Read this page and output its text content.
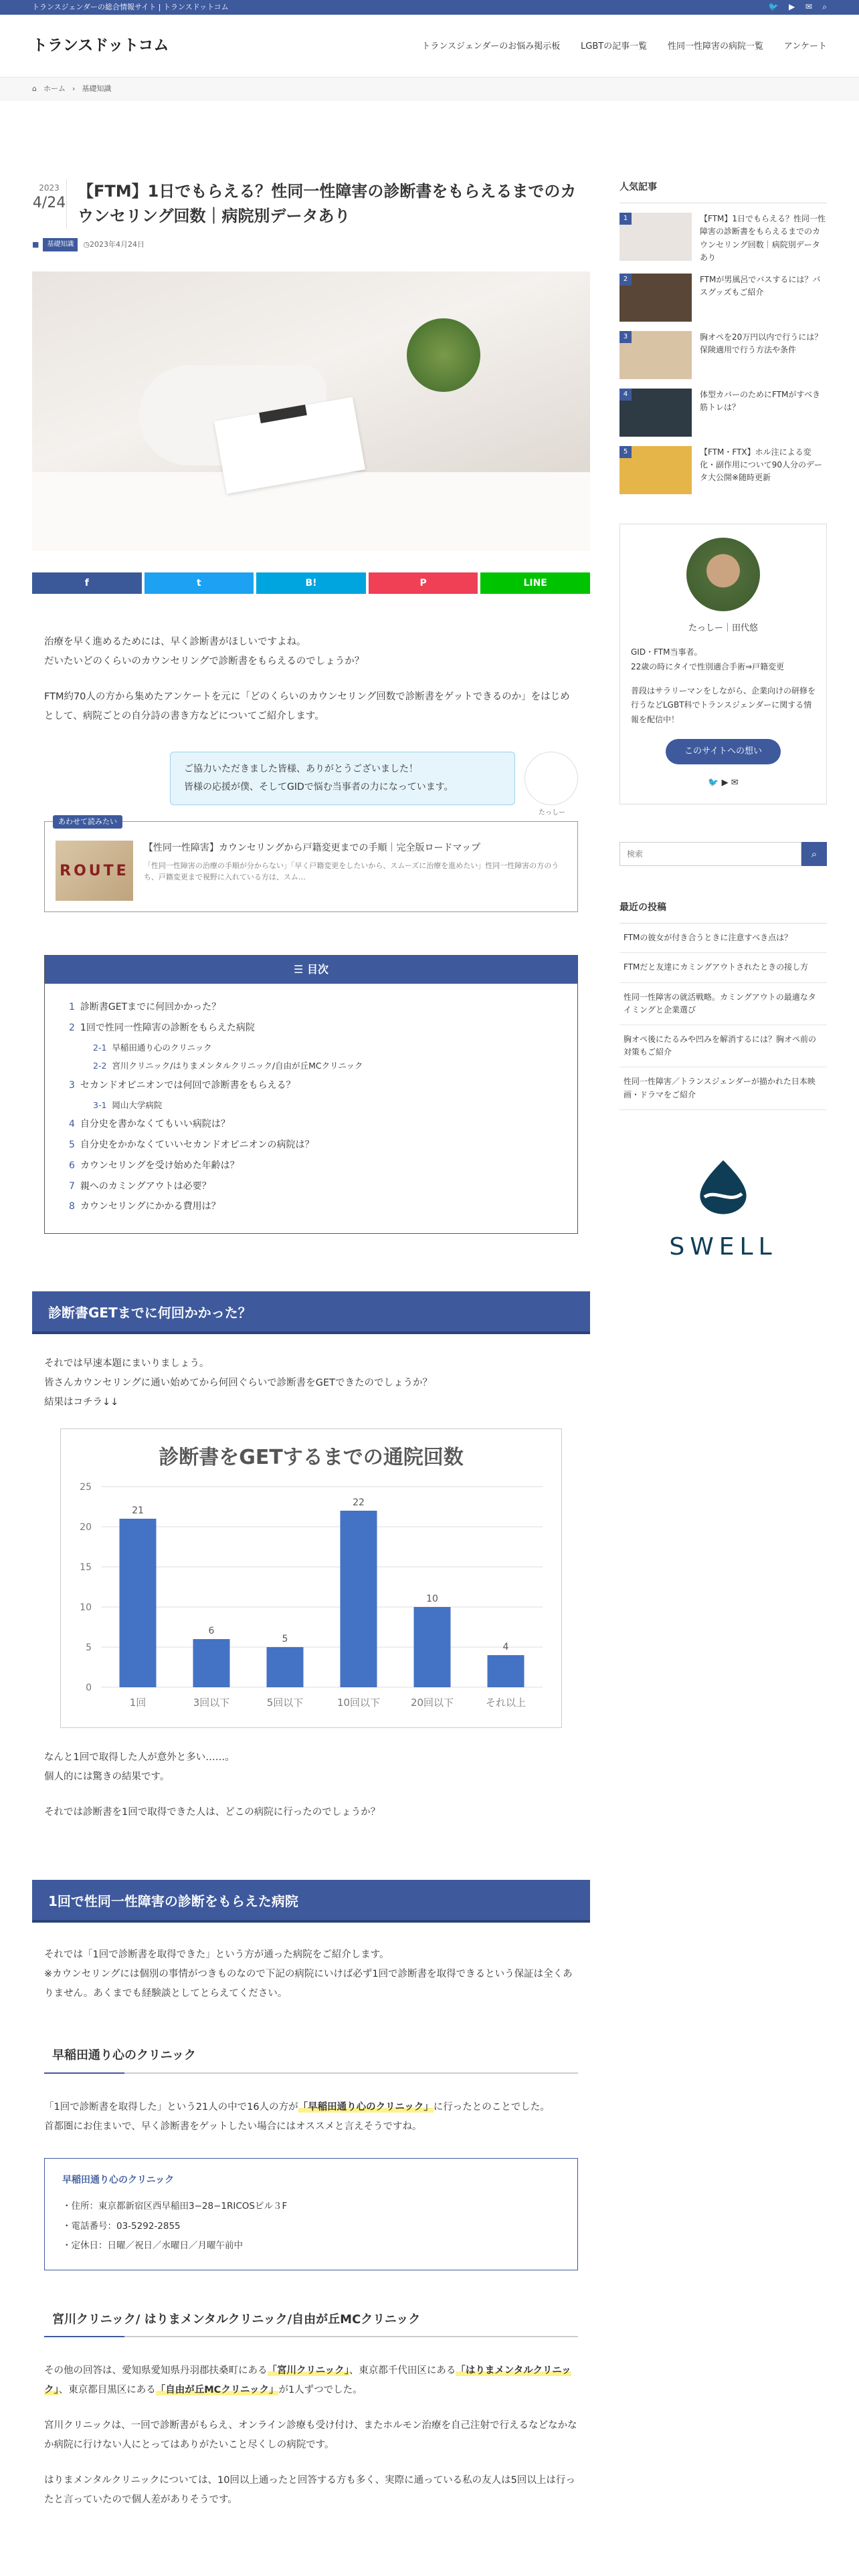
トランスジェンダーの総合情報サイト | トランスドットコム	🐦 ▶ ✉ ⌕
トランスドットコム	トランスジェンダーのお悩み掲示板 LGBTの記事一覧 性同一性障害の病院一覧 アンケート
⌂ ホーム › 基礎知識
2023
4/24
【FTM】1日でもらえる？性同一性障害の診断書をもらえるまでのカウンセリング回数｜病院別データあり
■	基礎知識	◷ 2023年4月24日
f	t	B!	P	LINE

治療を早く進めるためには、早く診断書がほしいですよね。

だいたいどのくらいのカウンセリングで診断書をもらえるのでしょうか？

FTM約70人の方から集めたアンケートを元に「どのくらいのカウンセリング回数で診断書をゲットできるのか」をはじめとして、病院ごとの自分詩の書き方などについてご紹介します。

ご協力いただきました皆様、ありがとうございました！
皆様の応援が僕、そしてGIDで悩む当事者の力になっています。
たっしー
あわせて読みたい
ROUTE
【性同一性障害】カウンセリングから戸籍変更までの手順｜完全版ロードマップ
「性同一性障害の治療の手順が分からない」「早く戸籍変更をしたいから、スムーズに治療を進めたい」性同一性障害の方のうち、戸籍変更まで視野に入れている方は、スム…
☰ 目次
1 診断書GETまでに何回かかった？
2 1回で性同一性障害の診断をもらえた病院
2-1 早稲田通り心のクリニック
2-2 宮川クリニック/はりまメンタルクリニック/自由が丘MCクリニック
3 セカンドオピニオンでは何回で診断書をもらえる？
3-1 岡山大学病院
4 自分史を書かなくてもいい病院は？
5 自分史をかかなくていいセカンドオピニオンの病院は？
6 カウンセリングを受け始めた年齢は？
7 親へのカミングアウトは必要？
8 カウンセリングにかかる費用は？
診断書GETまでに何回かかった？

それでは早速本題にまいりましょう。

皆さんカウンセリングに通い始めてから何回ぐらいで診断書をGETできたのでしょうか？

結果はコチラ↓↓

診断書をGETするまでの通院回数
0
5
10
15
20
25
21
1回
6
3回以下
5
5回以下
22
10回以下
10
20回以下
4
それ以上

なんと1回で取得した人が意外と多い……。

個人的には驚きの結果です。

それでは診断書を1回で取得できた人は、どこの病院に行ったのでしょうか？

1回で性同一性障害の診断をもらえた病院

それでは「1回で診断書を取得できた」という方が通った病院をご紹介します。

※カウンセリングには個別の事情がつきものなので下記の病院にいけば必ず1回で診断書を取得できるという保証は全くありません。あくまでも経験談としてとらえてください。

早稲田通り心のクリニック

「1回で診断書を取得した」という21人の中で16人の方が「早稲田通り心のクリニック」に行ったとのことでした。

首都圏にお住まいで、早く診断書をゲットしたい場合にはオススメと言えそうですね。

早稲田通り心のクリニック
・住所：東京都新宿区西早稲田3−28−1RICOSビル３F
・電話番号：03-5292-2855
・定休日：日曜／祝日／水曜日／月曜午前中
宮川クリニック/ はりまメンタルクリニック/自由が丘MCクリニック

その他の回答は、愛知県愛知県丹羽郡扶桑町にある「宮川クリニック」、東京都千代田区にある「はりまメンタルクリニック」、東京都目黒区にある「自由が丘MCクリニック」が1人ずつでした。

宮川クリニックは、一回で診断書がもらえ、オンライン診療も受け付け、またホルモン治療を自己注射で行えるなどなかなか病院に行けない人にとってはありがたいこと尽くしの病院です。

はりまメンタルクリニックについては、10回以上通ったと回答する方も多く、実際に通っている私の友人は5回以上は行ったと言っていたので個人差がありそうです。

人気記事
1	【FTM】1日でもらえる？性同一性障害の診断書をもらえるまでのカウンセリング回数｜病院別データあり
2	FTMが男風呂でバスするには？パスグッズもご紹介
3	胸オペを20万円以内で行うには？保険適用で行う方法や条件
4	体型カバーのためにFTMがすべき筋トレは？
5	【FTM・FTX】ホル注による変化・副作用について90人分のデータ大公開※随時更新
たっしー｜田代悠
GID・FTM当事者。
22歳の時にタイで性別適合手術⇒戸籍変更
普段はサラリーマンをしながら、企業向けの研修を行うなどLGBT科でトランスジェンダーに関する情報を配信中！
このサイトへの想い
🐦 ▶ ✉
検索
⌕
最近の投稿
FTMの彼女が付き合うときに注意すべき点は？
FTMだと友達にカミングアウトされたときの接し方
性同一性障害の就活戦略。カミングアウトの最適なタイミングと企業選び
胸オペ後にたるみや凹みを解消するには？胸オペ前の対策もご紹介
性同一性障害／トランスジェンダーが描かれた日本映画・ドラマをご紹介
SWELL
